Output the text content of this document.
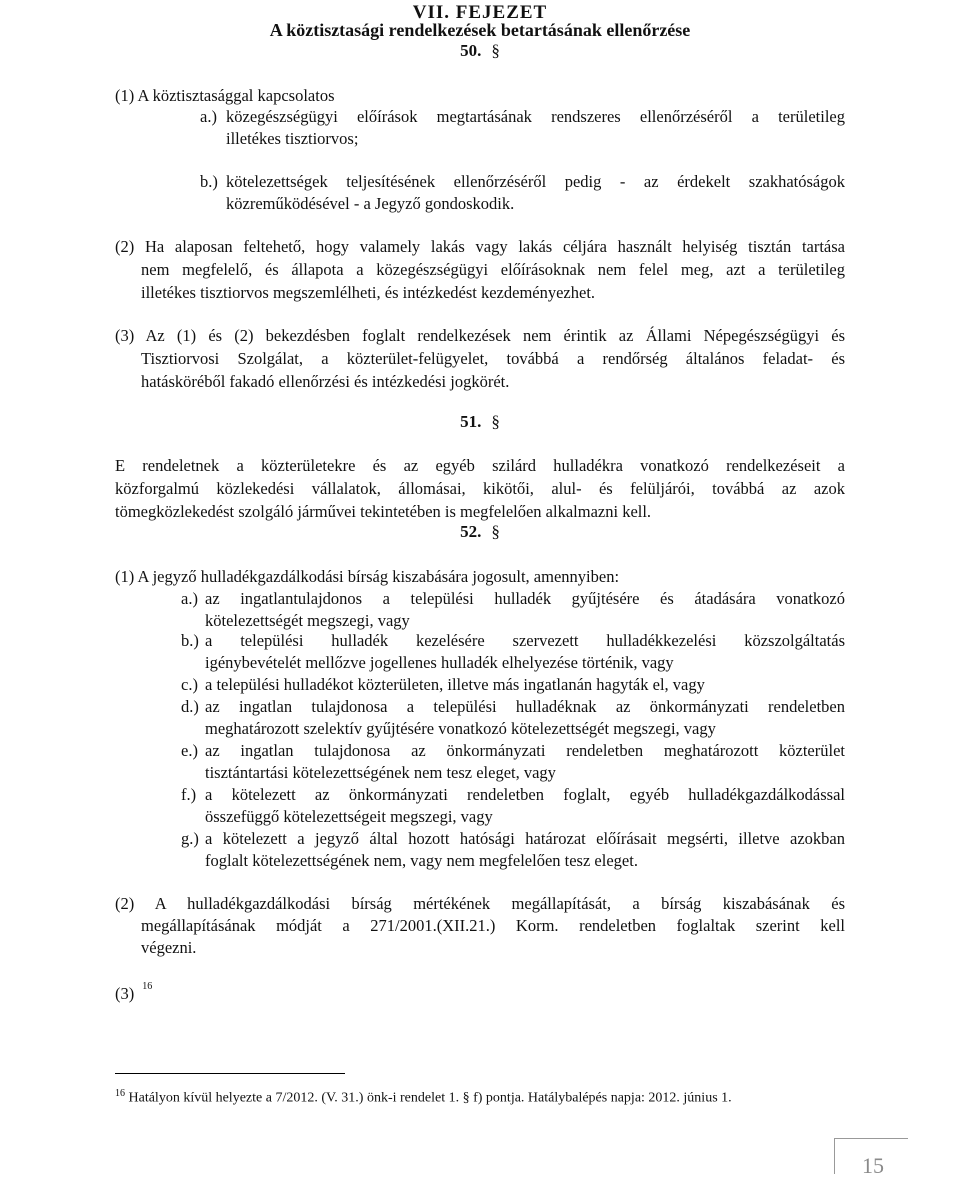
VII. FEJEZET
A köztisztasági rendelkezések betartásának ellenőrzése
50. §
(1) A köztisztasággal kapcsolatos
a.) közegészségügyi előírások megtartásának rendszeres ellenőrzéséről a területileg
illetékes tisztiorvos;
b.) kötelezettségek teljesítésének ellenőrzéséről pedig - az érdekelt szakhatóságok
közreműködésével - a Jegyző gondoskodik.
(2) Ha alaposan feltehető, hogy valamely lakás vagy lakás céljára használt helyiség tisztán tartása
nem megfelelő, és állapota a közegészségügyi előírásoknak nem felel meg, azt a területileg
illetékes tisztiorvos megszemlélheti, és intézkedést kezdeményezhet.
(3) Az (1) és (2) bekezdésben foglalt rendelkezések nem érintik az Állami Népegészségügyi és
Tisztiorvosi Szolgálat, a közterület-felügyelet, továbbá a rendőrség általános feladat- és
hatásköréből fakadó ellenőrzési és intézkedési jogkörét.
51. §
E rendeletnek a közterületekre és az egyéb szilárd hulladékra vonatkozó rendelkezéseit a
közforgalmú közlekedési vállalatok, állomásai, kikötői, alul- és felüljárói, továbbá az azok
tömegközlekedést szolgáló járművei tekintetében is megfelelően alkalmazni kell.
52. §
(1) A jegyző hulladékgazdálkodási bírság kiszabására jogosult, amennyiben:
a.) az ingatlantulajdonos a települési hulladék gyűjtésére és átadására vonatkozó
kötelezettségét megszegi, vagy
b.) a települési hulladék kezelésére szervezett hulladékkezelési közszolgáltatás
igénybevételét mellőzve jogellenes hulladék elhelyezése történik, vagy
c.) a települési hulladékot közterületen, illetve más ingatlanán hagyták el, vagy
d.) az ingatlan tulajdonosa a települési hulladéknak az önkormányzati rendeletben
meghatározott szelektív gyűjtésére vonatkozó kötelezettségét megszegi, vagy
e.) az ingatlan tulajdonosa az önkormányzati rendeletben meghatározott közterület
tisztántartási kötelezettségének nem tesz eleget, vagy
f.) a kötelezett az önkormányzati rendeletben foglalt, egyéb hulladékgazdálkodással
összefüggő kötelezettségeit megszegi, vagy
g.) a kötelezett a jegyző által hozott hatósági határozat előírásait megsérti, illetve azokban
foglalt kötelezettségének nem, vagy nem megfelelően tesz eleget.
(2) A hulladékgazdálkodási bírság mértékének megállapítását, a bírság kiszabásának és
megállapításának módját a 271/2001.(XII.21.) Korm. rendeletben foglaltak szerint kell
végezni.
(3) $^{16}$
$^{16}$ Hatályon kívül helyezte a 7/2012. (V. 31.) önk-i rendelet 1. § f) pontja. Hatálybalépés napja: 2012. június 1.
15
